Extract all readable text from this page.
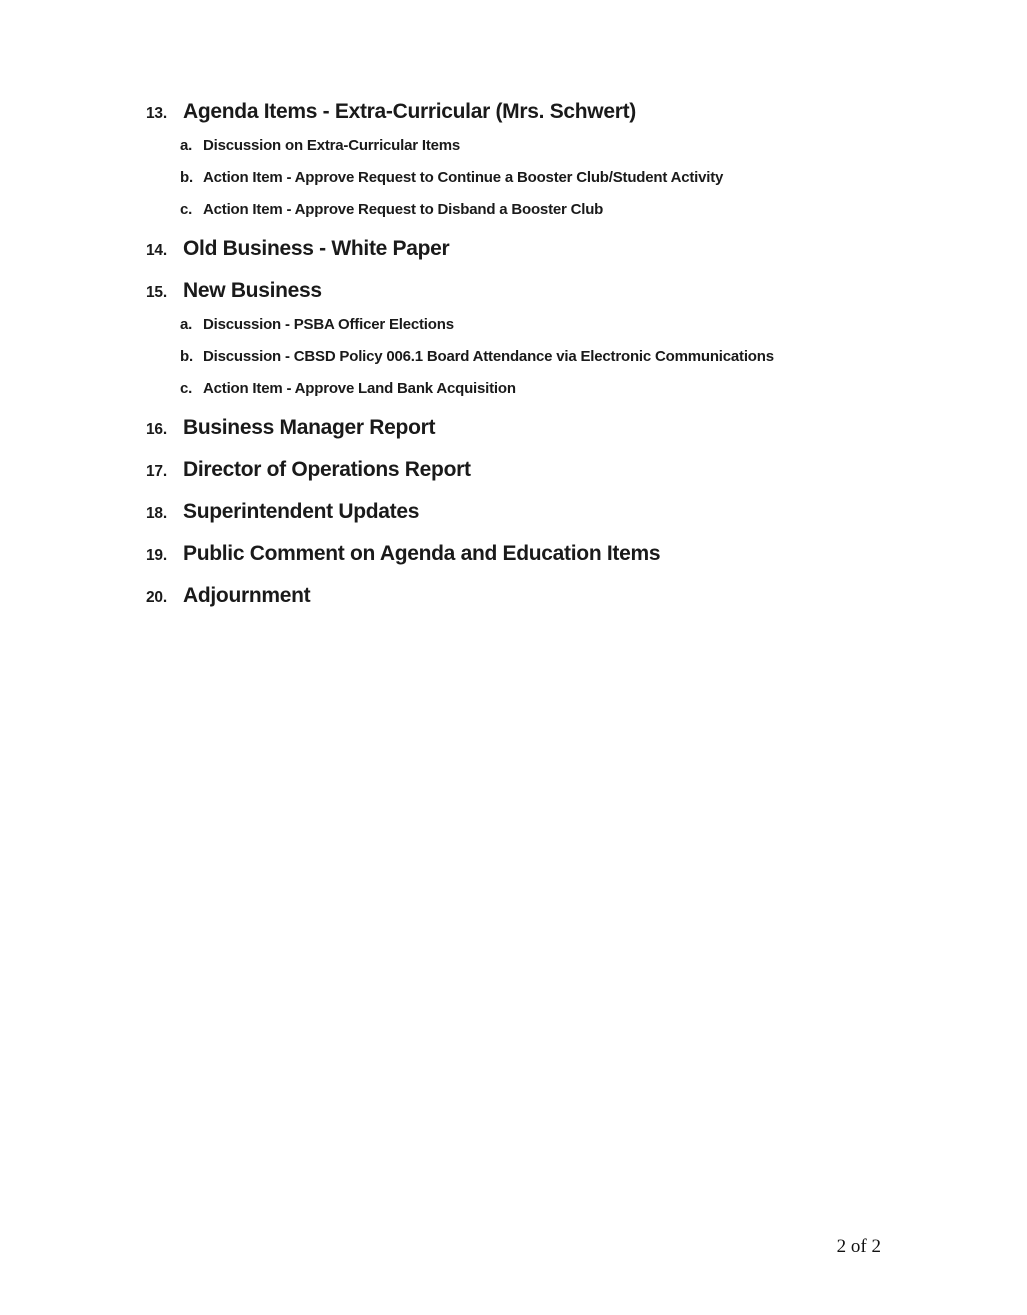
13. Agenda Items - Extra-Curricular (Mrs. Schwert)
a. Discussion on Extra-Curricular Items
b. Action Item - Approve Request to Continue a Booster Club/Student Activity
c. Action Item - Approve Request to Disband a Booster Club
14. Old Business - White Paper
15. New Business
a. Discussion - PSBA Officer Elections
b. Discussion - CBSD Policy 006.1 Board Attendance via Electronic Communications
c. Action Item - Approve Land Bank Acquisition
16. Business Manager Report
17. Director of Operations Report
18. Superintendent Updates
19. Public Comment on Agenda and Education Items
20. Adjournment
2 of 2
